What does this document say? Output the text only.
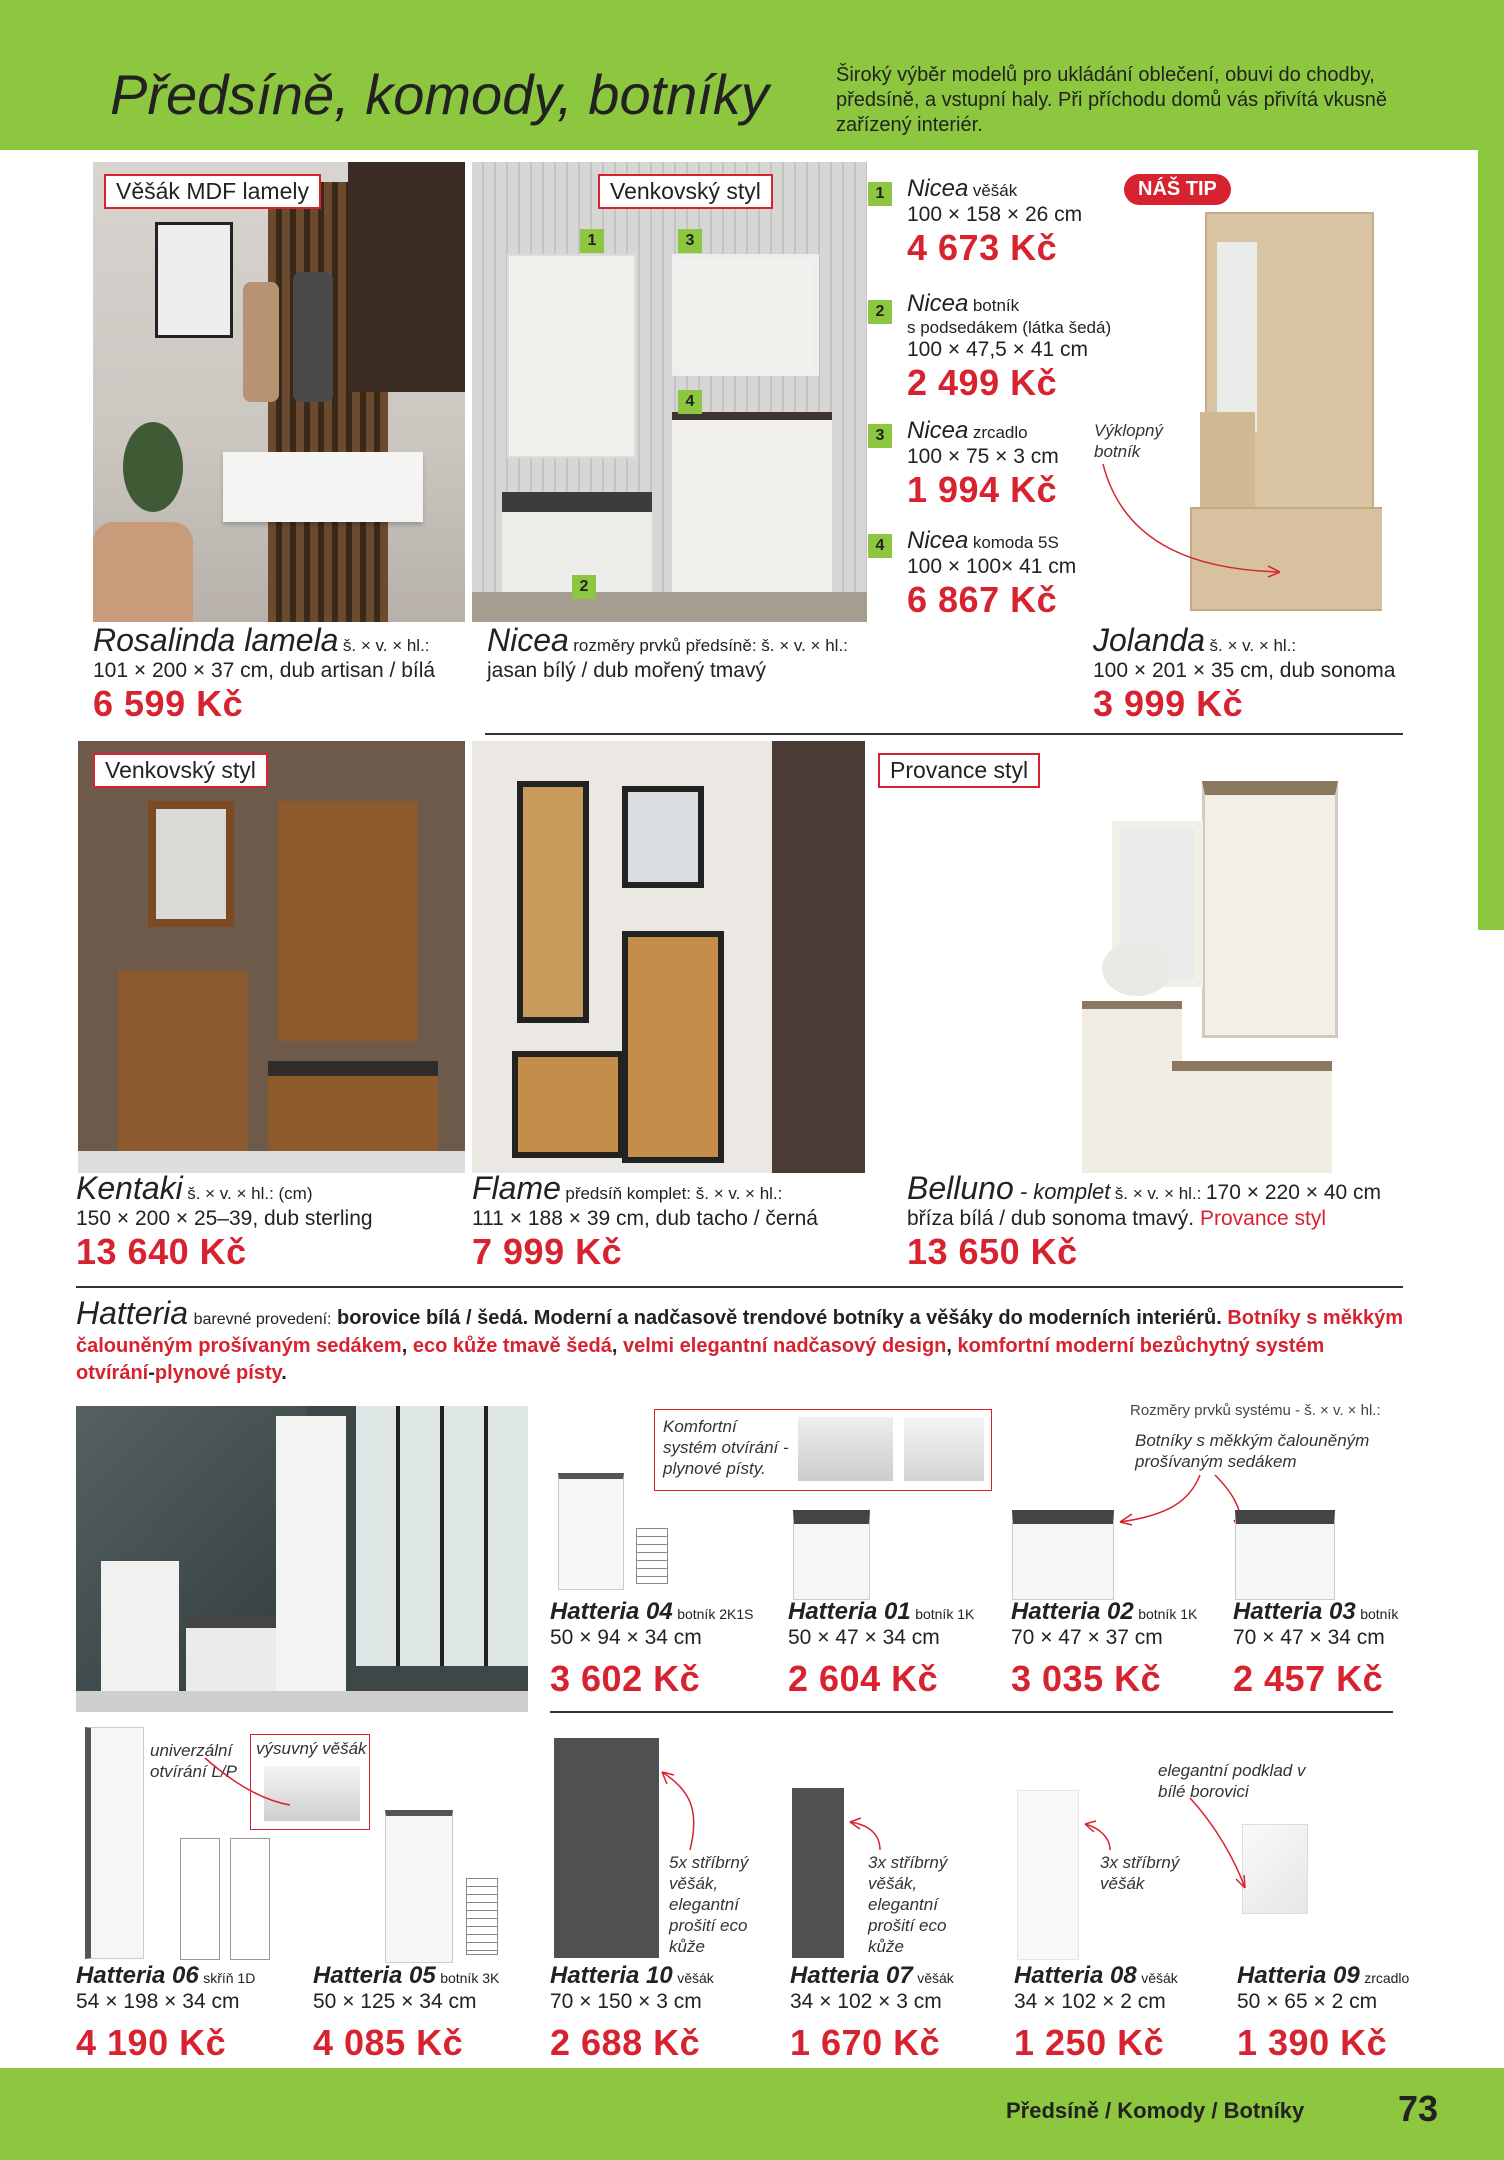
Předsíně, komody, botníky	Široký výběr modelů pro ukládání oblečení, obuvi do chodby, předsíně, a vstupní haly. Při příchodu domů vás přivítá vkusně zařízený interiér.
Věšák MDF lamely	Venkovský styl
1	3
4
2
1 Nicea věšák
100 × 158 × 26 cm
4 673 Kč
2 Nicea botník
s podsedákem (látka šedá)
100 × 47,5 × 41 cm
2 499 Kč
3 Nicea zrcadlo
100 × 75 × 3 cm
1 994 Kč
4 Nicea komoda 5S
100 × 100× 41 cm
6 867 Kč
NÁŠ TIP
Výklopný botník
Rosalinda lamela š. × v. × hl.:
101 × 200 × 37 cm, dub artisan / bílá
6 599 Kč
Nicea rozměry prvků předsíně: š. × v. × hl.:
jasan bílý / dub mořený tmavý
Jolanda š. × v. × hl.:
100 × 201 × 35 cm, dub sonoma
3 999 Kč
Venkovský styl	Provance styl
Kentaki š. × v. × hl.: (cm)
150 × 200 × 25–39, dub sterling
13 640 Kč
Flame předsíň komplet: š. × v. × hl.:
111 × 188 × 39 cm, dub tacho / černá
7 999 Kč
Belluno - komplet š. × v. × hl.: 170 × 220 × 40 cm
bříza bílá / dub sonoma tmavý. Provance styl
13 650 Kč
Hatteria barevné provedení: borovice bílá / šedá. Moderní a nadčasově trendové botníky a věšáky do moderních interiérů. Botníky s měkkým čalouněným prošívaným sedákem, eco kůže tmavě šedá, velmi elegantní nadčasový design, komfortní moderní bezůchytný systém otvírání-plynové písty.
Komfortní systém otvírání - plynové písty.
Rozměry prvků systému - š. × v. × hl.:
Botníky s měkkým čalouněným prošívaným sedákem
Hatteria 04 botník 2K1S
50 × 94 × 34 cm
3 602 Kč
Hatteria 01 botník 1K
50 × 47 × 34 cm
2 604 Kč
Hatteria 02 botník 1K
70 × 47 × 37 cm
3 035 Kč
Hatteria 03 botník
70 × 47 × 34 cm
2 457 Kč
univerzální otvírání L/P
výsuvný věšák
5x stříbrný věšák, elegantní prošití eco kůže
3x stříbrný věšák, elegantní prošití eco kůže
3x stříbrný věšák
elegantní podklad v bílé borovici
Hatteria 06 skříň 1D
54 × 198 × 34 cm
4 190 Kč
Hatteria 05 botník 3K
50 × 125 × 34 cm
4 085 Kč
Hatteria 10 věšák
70 × 150 × 3 cm
2 688 Kč
Hatteria 07 věšák
34 × 102 × 3 cm
1 670 Kč
Hatteria 08 věšák
34 × 102 × 2 cm
1 250 Kč
Hatteria 09 zrcadlo
50 × 65 × 2 cm
1 390 Kč
Předsíně / Komody / Botníky	73
